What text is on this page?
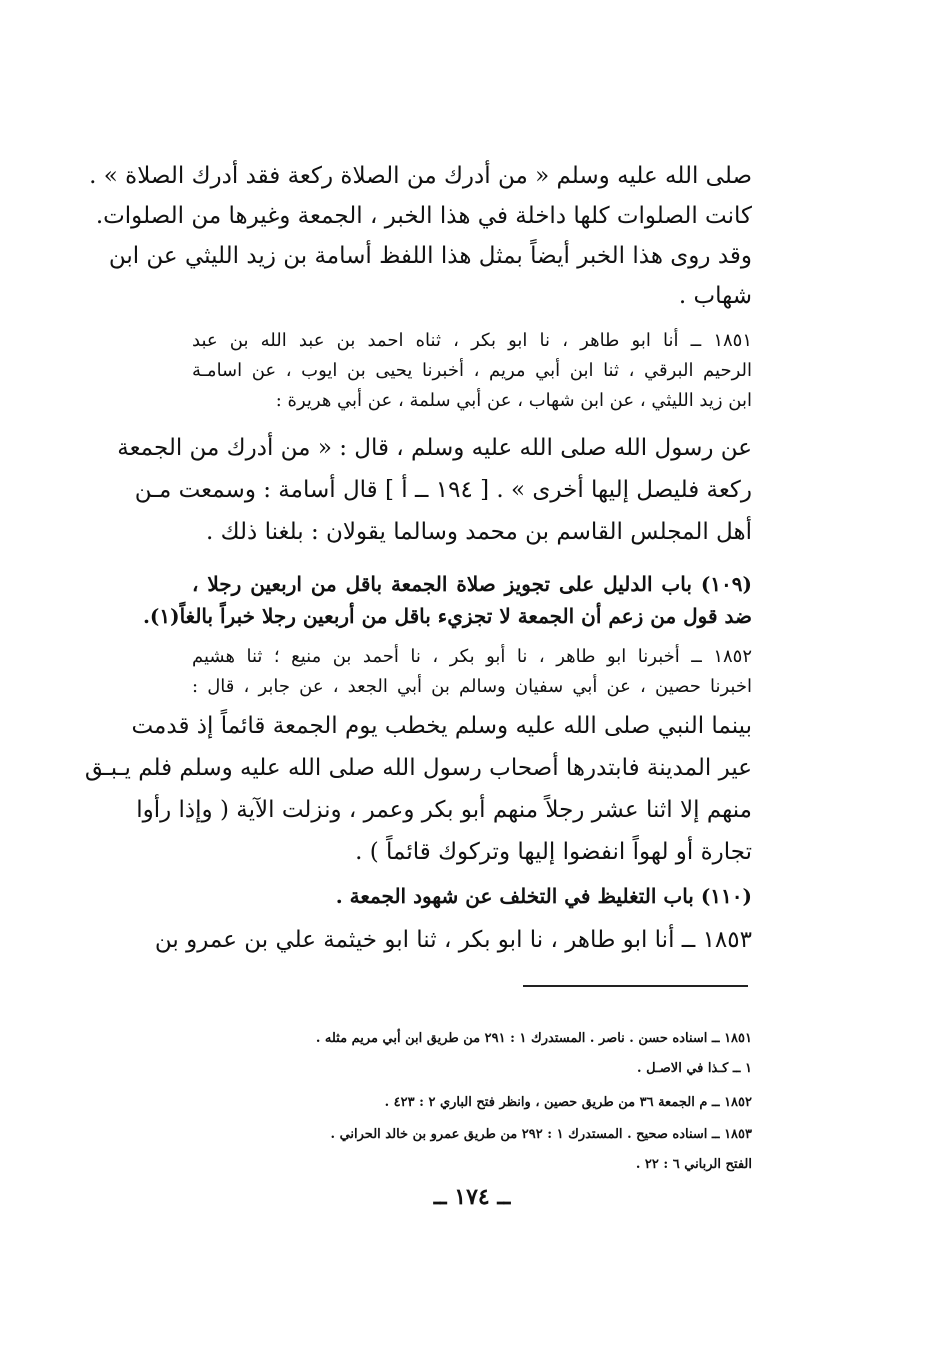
صلى الله عليه وسلم « من أدرك من الصلاة ركعة فقد أدرك الصلاة » .
كانت الصلوات كلها داخلة في هذا الخبر ، الجمعة وغيرها من الصلوات.
وقد روى هذا الخبر أيضاً بمثل هذا اللفظ أسامة بن زيد الليثي عن ابن
شهاب .
١٨٥١ ــ أنا ابو طاهر ، نا ابو بكر ، ثناه احمد بن عبد الله بن عبد
الرحيم البرقي ، ثنا ابن أبي مريم ، أخبرنا يحيى بن ايوب ، عن اسامـة
ابن زيد الليثي ، عن ابن شهاب ، عن أبي سلمة ، عن أبي هريرة :
عن رسول الله صلى الله عليه وسلم ، قال : « من أدرك من الجمعة
ركعة فليصل إليها أخرى » . [ ١٩٤ ــ أ ] قال أسامة : وسمعت مـن
أهل المجلس القاسم بن محمد وسالما يقولان : بلغنا ذلك .
(١٠٩) باب الدليل على تجويز صلاة الجمعة باقل من اربعين رجلا ،
ضد قول من زعم أن الجمعة لا تجزيء باقل من أربعين رجلا خبراً بالغاً(١).
١٨٥٢ ــ أخبرنا ابو طاهر ، نا أبو بكر ، نا أحمد بن منيع ؛ ثنا هشيم
اخبرنا حصين ، عن أبي سفيان وسالم بن أبي الجعد ، عن جابر ، قال :
بينما النبي صلى الله عليه وسلم يخطب يوم الجمعة قائماً إذ قدمت
عير المدينة فابتدرها أصحاب رسول الله صلى الله عليه وسلم فلم يـبـق
منهم إلا اثنا عشر رجلاً منهم أبو بكر وعمر ، ونزلت الآية ( وإذا رأوا
تجارة أو لهواً انفضوا إليها وتركوك قائماً ) .
(١١٠) باب التغليظ في التخلف عن شهود الجمعة .
١٨٥٣ ــ أنا ابو طاهر ، نا ابو بكر ، ثنا ابو خيثمة علي بن عمرو بن
١٨٥١ ــ اسناده حسن . ناصر . المستدرك ١ : ٢٩١ من طريق ابن أبي مريم مثله .
١ ــ كـذا في الاصـل .
١٨٥٢ ــ م الجمعة ٣٦ من طريق حصين ، وانظر فتح الباري ٢ : ٤٢٣ .
١٨٥٣ ــ اسناده صحيح . المستدرك ١ : ٢٩٢ من طريق عمرو بن خالد الحراني .
الفتح الرباني ٦ : ٢٢ .
ــ ١٧٤ ــ
